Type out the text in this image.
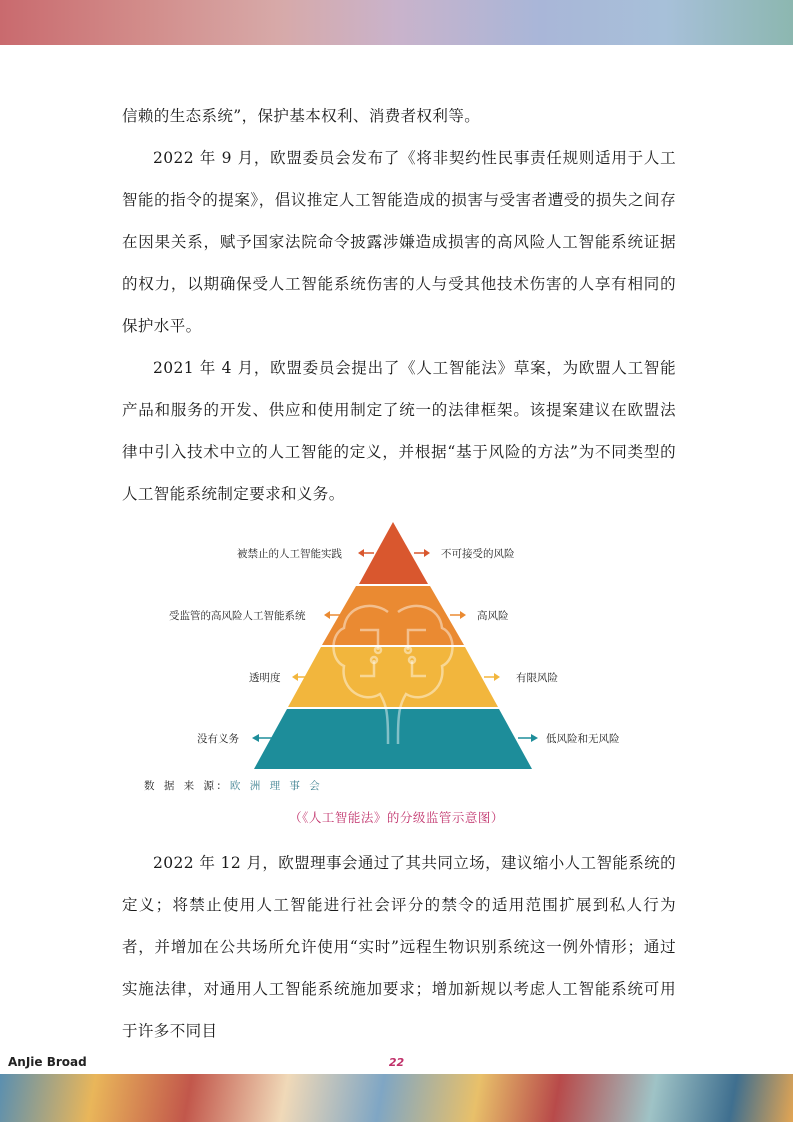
信赖的生态系统”，保护基本权利、消费者权利等。

2022 年 9 月，欧盟委员会发布了《将非契约性民事责任规则适用于人工智能的指令的提案》，倡议推定人工智能造成的损害与受害者遭受的损失之间存在因果关系，赋予国家法院命令披露涉嫌造成损害的高风险人工智能系统证据的权力，以期确保受人工智能系统伤害的人与受其他技术伤害的人享有相同的保护水平。

2021 年 4 月，欧盟委员会提出了《人工智能法》草案，为欧盟人工智能产品和服务的开发、供应和使用制定了统一的法律框架。该提案建议在欧盟法律中引入技术中立的人工智能的定义，并根据“基于风险的方法”为不同类型的人工智能系统制定要求和义务。

被禁止的人工智能实践	不可接受的风险
受监管的高风险人工智能系统	高风险
透明度	有限风险
没有义务	低风险和无风险
数 据 来 源: 欧 洲 理 事 会
（《人工智能法》的分级监管示意图）

2022 年 12 月，欧盟理事会通过了其共同立场，建议缩小人工智能系统的定义；将禁止使用人工智能进行社会评分的禁令的适用范围扩展到私人行为者，并增加在公共场所允许使用“实时”远程生物识别系统这一例外情形；通过实施法律，对通用人工智能系统施加要求；增加新规以考虑人工智能系统可用于许多不同目

AnJie Broad	22
